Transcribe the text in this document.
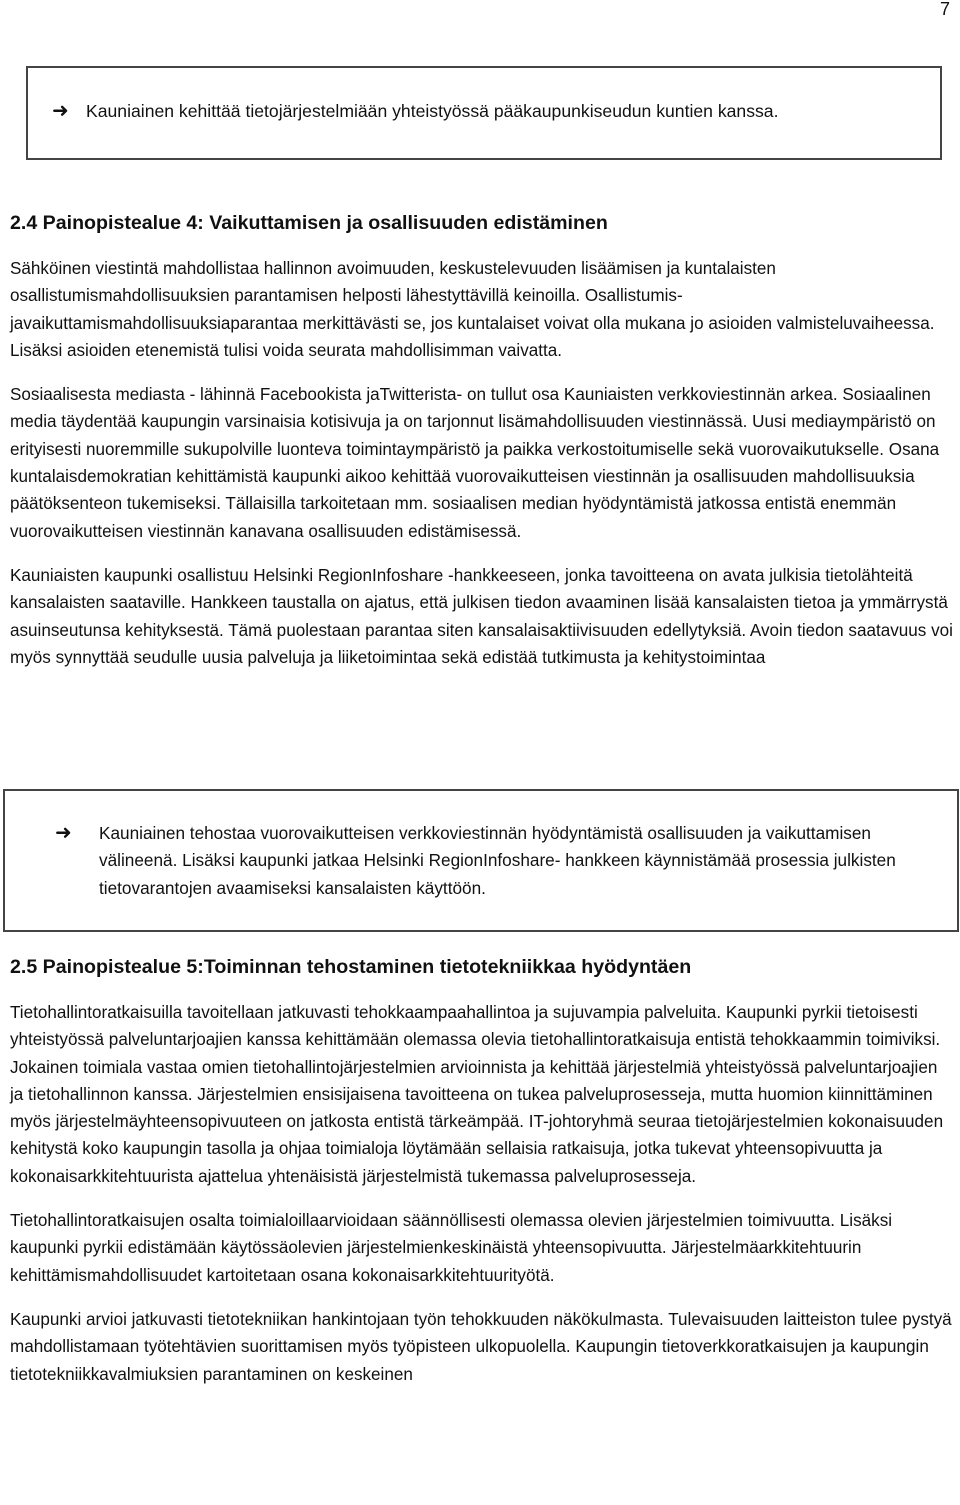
7
➜ Kauniainen kehittää tietojärjestelmiään yhteistyössä pääkaupunkiseudun kuntien kanssa.
2.4 Painopistealue 4: Vaikuttamisen ja osallisuuden edistäminen

Sähköinen viestintä mahdollistaa hallinnon avoimuuden, keskustelevuuden lisäämisen ja kuntalaisten osallistumismahdollisuuksien parantamisen helposti lähestyttävillä keinoilla. Osallistumis- javaikuttamismahdollisuuksiaparantaa merkittävästi se, jos kuntalaiset voivat olla mukana jo asioiden valmisteluvaiheessa. Lisäksi asioiden etenemistä tulisi voida seurata mahdollisimman vaivatta.

Sosiaalisesta mediasta - lähinnä Facebookista jaTwitterista- on tullut osa Kauniaisten verkkoviestinnän arkea. Sosiaalinen media täydentää kaupungin varsinaisia kotisivuja ja on tarjonnut lisämahdollisuuden viestinnässä. Uusi mediaympäristö on erityisesti nuoremmille sukupolville luonteva toimintaympäristö ja paikka verkostoitumiselle sekä vuorovaikutukselle. Osana kuntalaisdemokratian kehittämistä kaupunki aikoo kehittää vuorovaikutteisen viestinnän ja osallisuuden mahdollisuuksia päätöksenteon tukemiseksi. Tällaisilla tarkoitetaan mm. sosiaalisen median hyödyntämistä jatkossa entistä enemmän vuorovaikutteisen viestinnän kanavana osallisuuden edistämisessä.

Kauniaisten kaupunki osallistuu Helsinki RegionInfoshare -hankkeeseen, jonka tavoitteena on avata julkisia tietolähteitä kansalaisten saataville. Hankkeen taustalla on ajatus, että julkisen tiedon avaaminen lisää kansalaisten tietoa ja ymmärrystä asuinseutunsa kehityksestä. Tämä puolestaan parantaa siten kansalaisaktiivisuuden edellytyksiä. Avoin tiedon saatavuus voi myös synnyttää seudulle uusia palveluja ja liiketoimintaa sekä edistää tutkimusta ja kehitystoimintaa

➜	Kauniainen tehostaa vuorovaikutteisen verkkoviestinnän hyödyntämistä osallisuuden ja vaikuttamisen välineenä. Lisäksi kaupunki jatkaa Helsinki RegionInfoshare- hankkeen käynnistämää prosessia julkisten tietovarantojen avaamiseksi kansalaisten käyttöön.
2.5 Painopistealue 5:Toiminnan tehostaminen tietotekniikkaa hyödyntäen

Tietohallintoratkaisuilla tavoitellaan jatkuvasti tehokkaampaahallintoa ja sujuvampia palveluita. Kaupunki pyrkii tietoisesti yhteistyössä palveluntarjoajien kanssa kehittämään olemassa olevia tietohallintoratkaisuja entistä tehokkaammin toimiviksi. Jokainen toimiala vastaa omien tietohallintojärjestelmien arvioinnista ja kehittää järjestelmiä yhteistyössä palveluntarjoajien ja tietohallinnon kanssa. Järjestelmien ensisijaisena tavoitteena on tukea palveluprosesseja, mutta huomion kiinnittäminen myös järjestelmäyhteensopivuuteen on jatkosta entistä tärkeämpää. IT-johtoryhmä seuraa tietojärjestelmien kokonaisuuden kehitystä koko kaupungin tasolla ja ohjaa toimialoja löytämään sellaisia ratkaisuja, jotka tukevat yhteensopivuutta ja kokonaisarkkitehtuurista ajattelua yhtenäisistä järjestelmistä tukemassa palveluprosesseja.

Tietohallintoratkaisujen osalta toimialoillaarvioidaan säännöllisesti olemassa olevien järjestelmien toimivuutta. Lisäksi kaupunki pyrkii edistämään käytössäolevien järjestelmienkeskinäistä yhteensopivuutta. Järjestelmäarkkitehtuurin kehittämismahdollisuudet kartoitetaan osana kokonaisarkkitehtuurityötä.

Kaupunki arvioi jatkuvasti tietotekniikan hankintojaan työn tehokkuuden näkökulmasta. Tulevaisuuden laitteiston tulee pystyä mahdollistamaan työtehtävien suorittamisen myös työpisteen ulkopuolella. Kaupungin tietoverkkoratkaisujen ja kaupungin tietotekniikkavalmiuksien parantaminen on keskeinen
